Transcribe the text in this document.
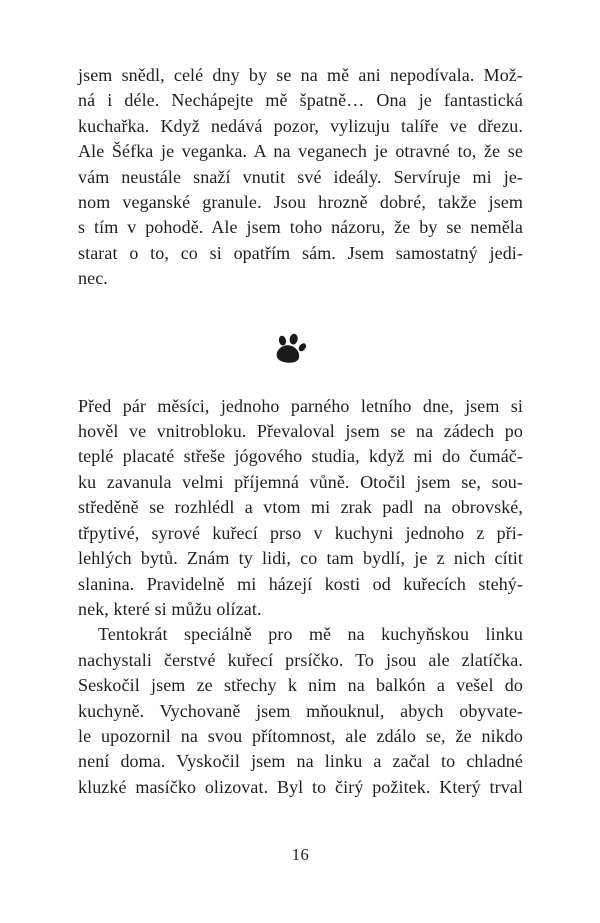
jsem snědl, celé dny by se na mě ani nepodívala. Mož-
ná i déle. Nechápejte mě špatně… Ona je fantastická
kuchařka. Když nedává pozor, vylizuju talíře ve dřezu.
Ale Šéfka je veganka. A na veganech je otravné to, že se
vám neustále snaží vnutit své ideály. Servíruje mi je-
nom veganské granule. Jsou hrozně dobré, takže jsem
s tím v pohodě. Ale jsem toho názoru, že by se neměla
starat o to, co si opatřím sám. Jsem samostatný jedi-
nec.
Před pár měsíci, jednoho parného letního dne, jsem si
hověl ve vnitrobloku. Převaloval jsem se na zádech po
teplé placaté střeše jógového studia, když mi do čumáč-
ku zavanula velmi příjemná vůně. Otočil jsem se, sou-
středěně se rozhlédl a vtom mi zrak padl na obrovské,
třpytivé, syrové kuřecí prso v kuchyni jednoho z při-
lehlých bytů. Znám ty lidi, co tam bydlí, je z nich cítit
slanina. Pravidelně mi házejí kosti od kuřecích stehý-
nek, které si můžu olízat.
Tentokrát speciálně pro mě na kuchyňskou linku
nachystali čerstvé kuřecí prsíčko. To jsou ale zlatíčka.
Seskočil jsem ze střechy k nim na balkón a vešel do
kuchyně. Vychovaně jsem mňouknul, abych obyvate-
le upozornil na svou přítomnost, ale zdálo se, že nikdo
není doma. Vyskočil jsem na linku a začal to chladné
kluzké masíčko olizovat. Byl to čirý požitek. Který trval
16
